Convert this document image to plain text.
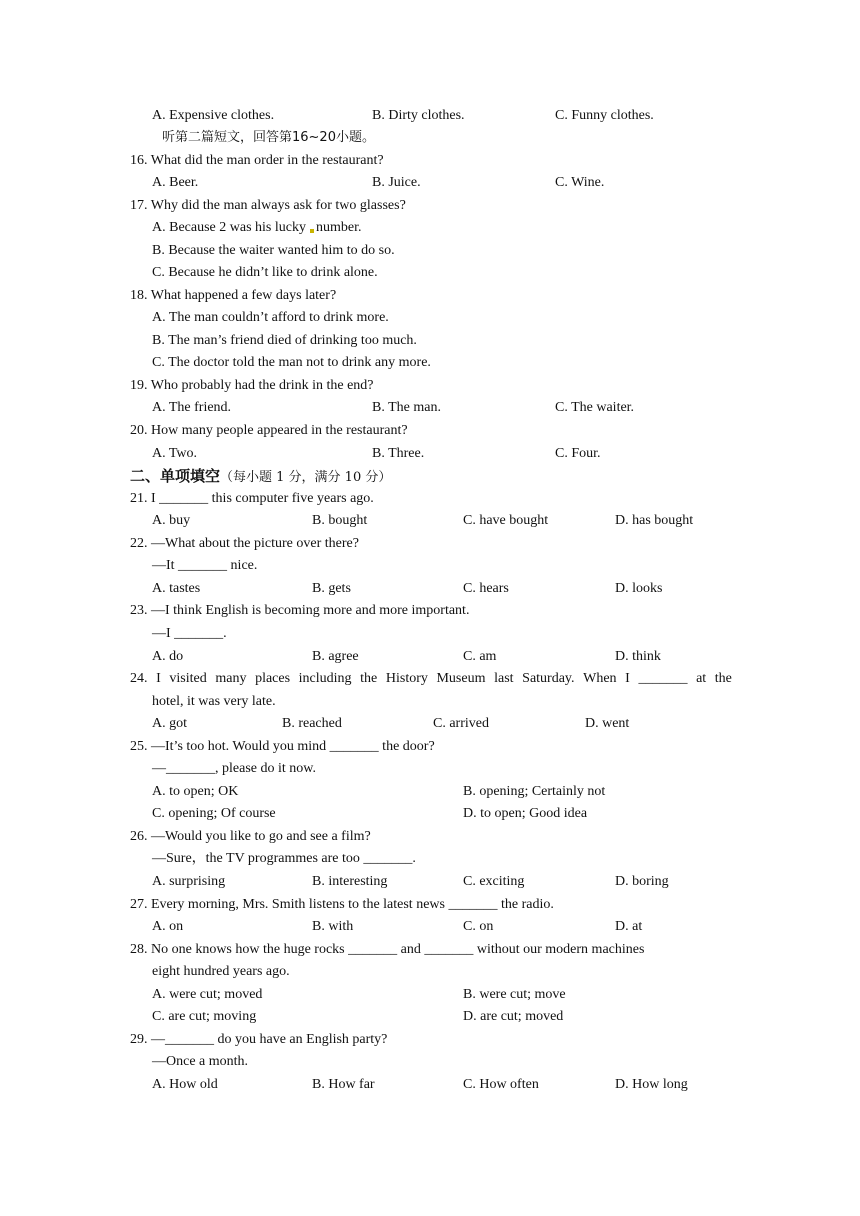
A. Expensive clothes.	B. Dirty clothes.	C. Funny clothes.
听第二篇短文，回答第16~20小题。
16. What did the man order in the restaurant?
A. Beer.	B. Juice.	C. Wine.
17. Why did the man always ask for two glasses?
A. Because 2 was his lucky number.
B. Because the waiter wanted him to do so.
C. Because he didn’t like to drink alone.
18. What happened a few days later?
A. The man couldn’t afford to drink more.
B. The man’s friend died of drinking too much.
C. The doctor told the man not to drink any more.
19. Who probably had the drink in the end?
A. The friend.	B. The man.	C. The waiter.
20. How many people appeared in the restaurant?
A. Two.	B. Three.	C. Four.
二、单项填空（每小题 1 分，满分 10 分）
21. I _______ this computer five years ago.
A. buy	B. bought	C. have bought	D. has bought
22. —What about the picture over there?
—It _______ nice.
A. tastes	B. gets	C. hears	D. looks
23. —I think English is becoming more and more important.
—I _______.
A. do	B. agree	C. am	D. think
24. I visited many places including the History Museum last Saturday. When I _______ at the
hotel, it was very late.
A. got	B. reached	C. arrived	D. went
25. —It’s too hot. Would you mind _______ the door?
—_______, please do it now.
A. to open; OK	B. opening; Certainly not
C. opening; Of course	D. to open; Good idea
26. —Would you like to go and see a film?
—Sure，the TV programmes are too _______.
A. surprising	B. interesting	C. exciting	D. boring
27. Every morning, Mrs. Smith listens to the latest news _______ the radio.
A. on	B. with	C. on	D. at
28. No one knows how the huge rocks _______ and _______ without our modern machines
eight hundred years ago.
A. were cut; moved	B. were cut; move
C. are cut; moving	D. are cut; moved
29. —_______ do you have an English party?
—Once a month.
A. How old	B. How far	C. How often	D. How long
